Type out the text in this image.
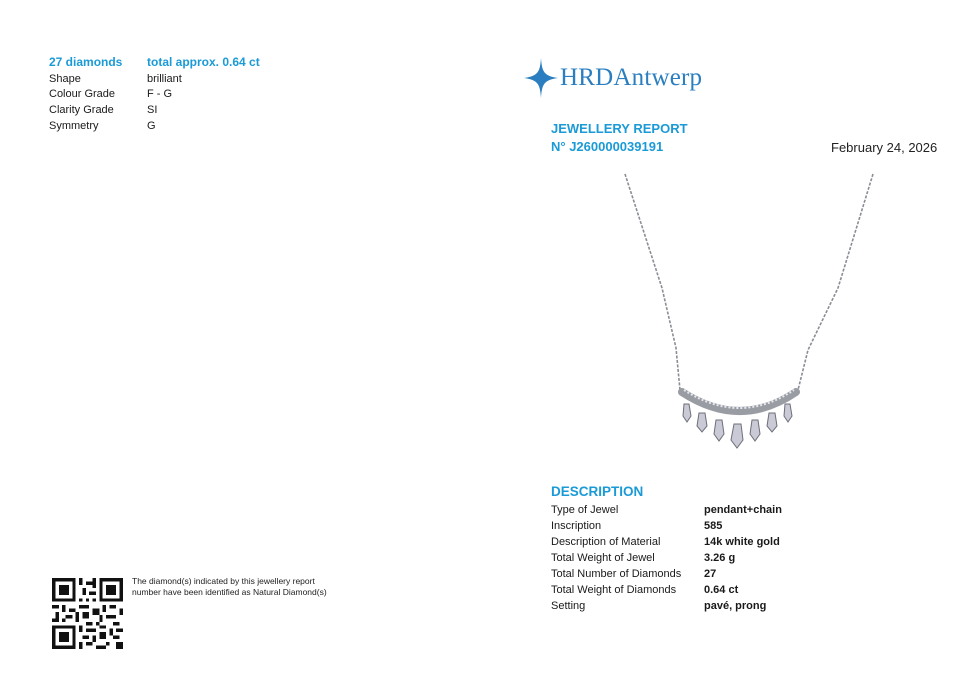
27 diamonds	total approx. 0.64 ct
Shape	brilliant
Colour Grade	F - G
Clarity Grade	SI
Symmetry	G
HRDAntwerp
JEWELLERY REPORT
N° J260000039191	February 24, 2026
DESCRIPTION
Type of Jewel	pendant+chain
Inscription	585
Description of Material	14k white gold
Total Weight of Jewel	3.26 g
Total Number of Diamonds	27
Total Weight of Diamonds	0.64 ct
Setting	pavé, prong
The diamond(s) indicated by this jewellery report number have been identified as Natural Diamond(s)
